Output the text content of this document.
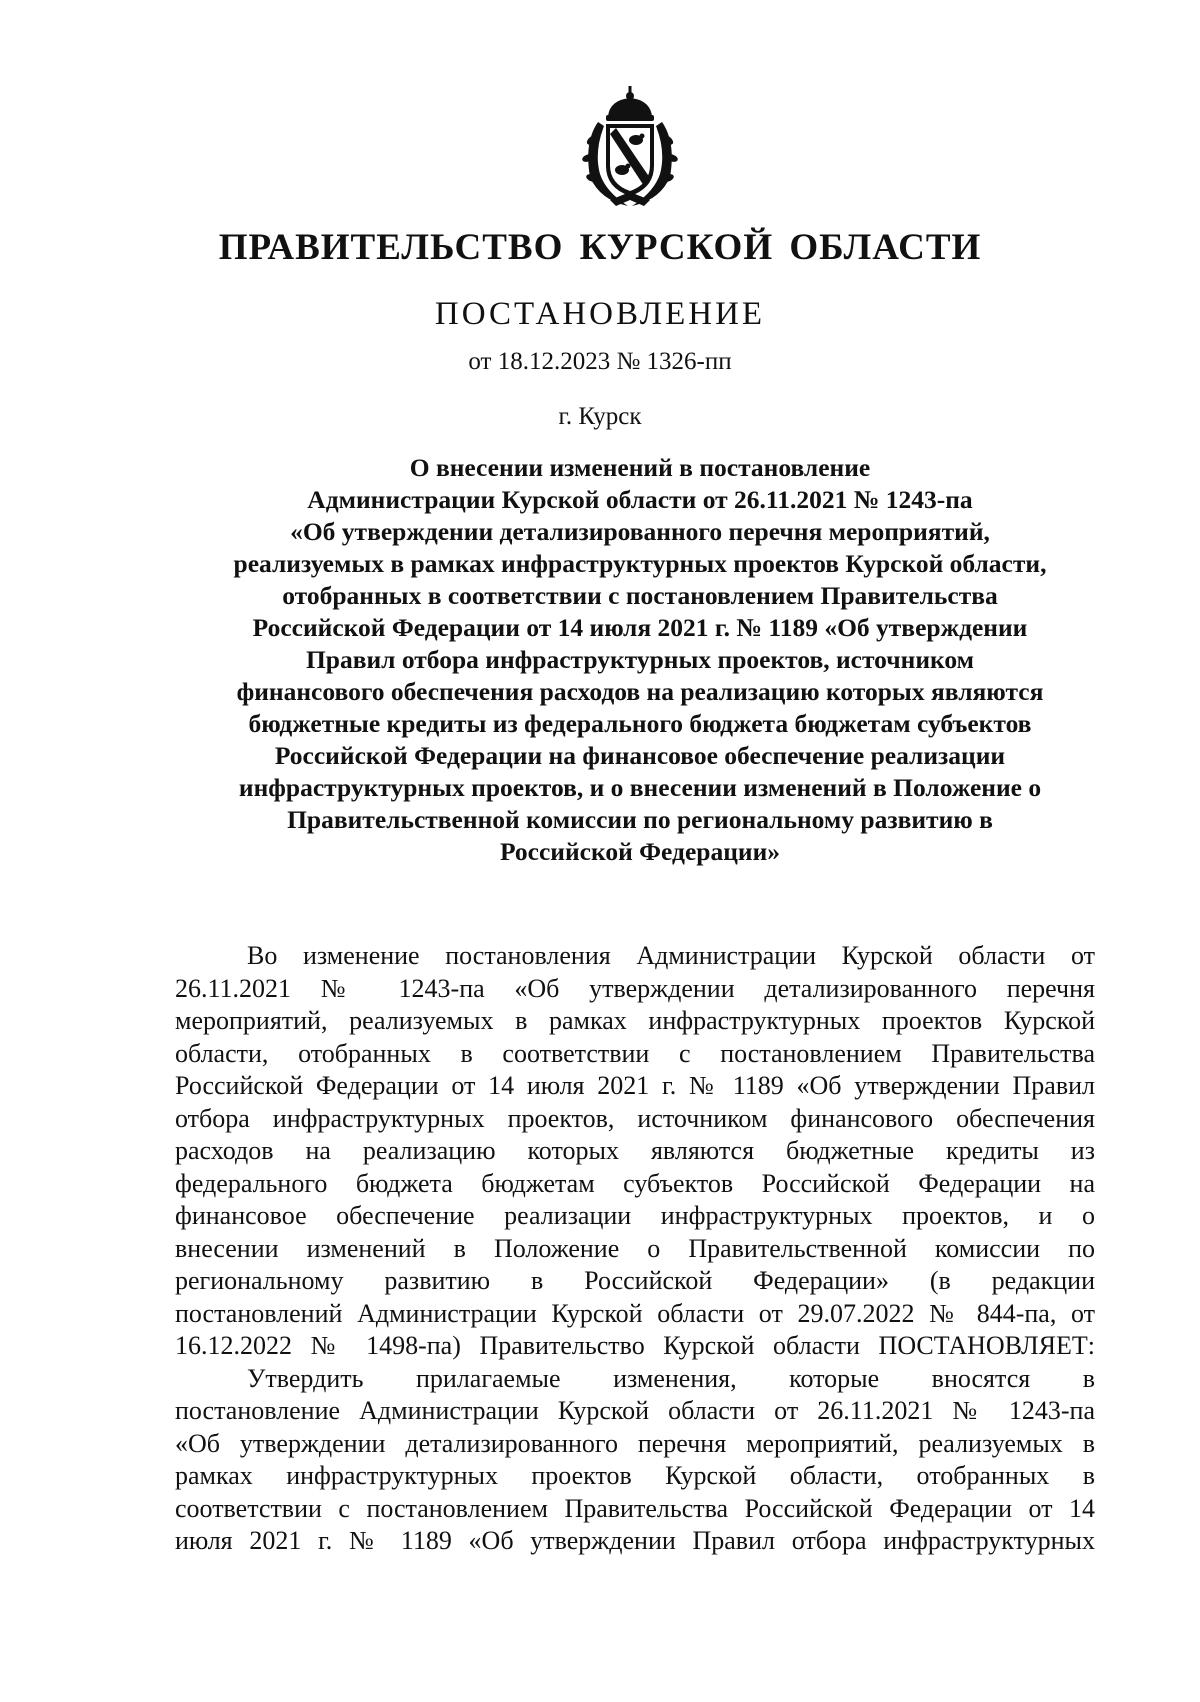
ПРАВИТЕЛЬСТВО КУРСКОЙ ОБЛАСТИ
ПОСТАНОВЛЕНИЕ
от 18.12.2023 № 1326-пп
г. Курск
О внесении изменений в постановление
Администрации Курской области от 26.11.2021 № 1243-па
«Об утверждении детализированного перечня мероприятий,
реализуемых в рамках инфраструктурных проектов Курской области,
отобранных в соответствии с постановлением Правительства
Российской Федерации от 14 июля 2021 г. № 1189 «Об утверждении
Правил отбора инфраструктурных проектов, источником
финансового обеспечения расходов на реализацию которых являются
бюджетные кредиты из федерального бюджета бюджетам субъектов
Российской Федерации на финансовое обеспечение реализации
инфраструктурных проектов, и о внесении изменений в Положение о
Правительственной комиссии по региональному развитию в
Российской Федерации»
Во изменение постановления Администрации Курской области от
26.11.2021 № 1243-па «Об утверждении детализированного перечня
мероприятий, реализуемых в рамках инфраструктурных проектов Курской
области, отобранных в соответствии с постановлением Правительства
Российской Федерации от 14 июля 2021 г. № 1189 «Об утверждении Правил
отбора инфраструктурных проектов, источником финансового обеспечения
расходов на реализацию которых являются бюджетные кредиты из
федерального бюджета бюджетам субъектов Российской Федерации на
финансовое обеспечение реализации инфраструктурных проектов, и о
внесении изменений в Положение о Правительственной комиссии по
региональному развитию в Российской Федерации» (в редакции
постановлений Администрации Курской области от 29.07.2022 № 844-па, от
16.12.2022 № 1498-па) Правительство Курской области ПОСТАНОВЛЯЕТ:
Утвердить прилагаемые изменения, которые вносятся в
постановление Администрации Курской области от 26.11.2021 № 1243-па
«Об утверждении детализированного перечня мероприятий, реализуемых в
рамках инфраструктурных проектов Курской области, отобранных в
соответствии с постановлением Правительства Российской Федерации от 14
июля 2021 г. № 1189 «Об утверждении Правил отбора инфраструктурных
